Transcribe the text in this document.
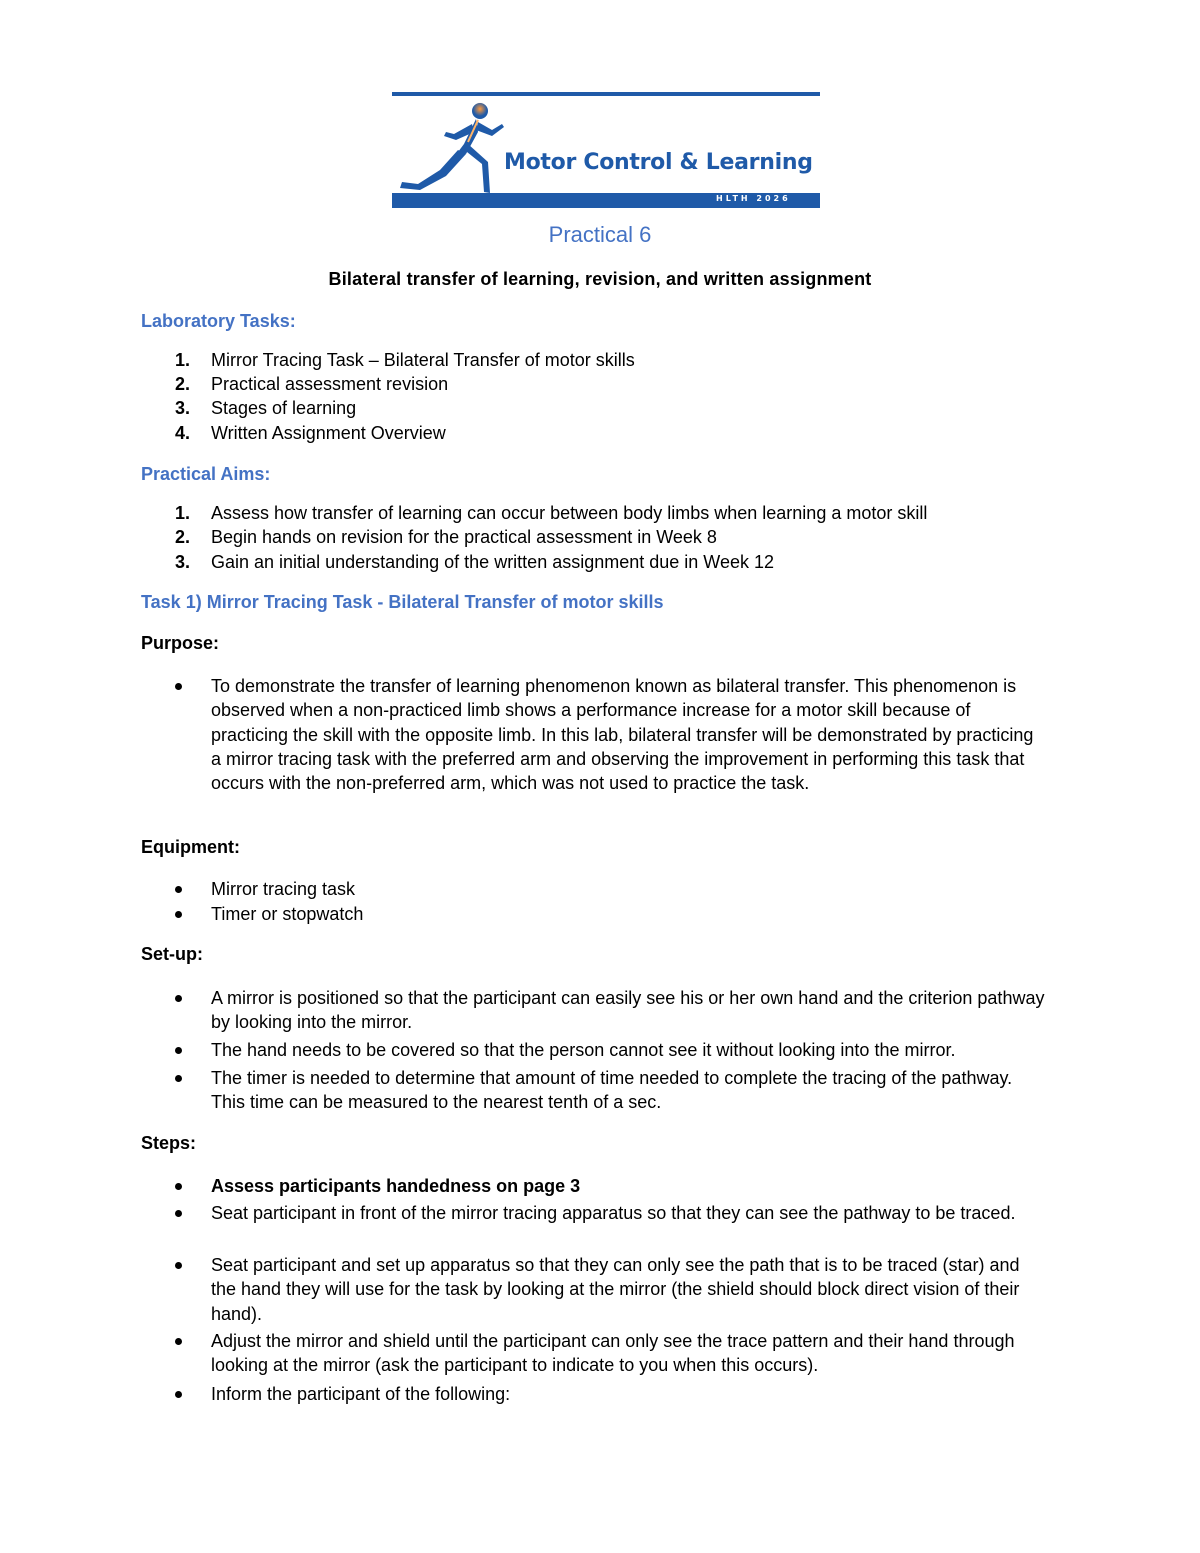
Motor Control & Learning
HLTH 2026
Practical 6
Bilateral transfer of learning, revision, and written assignment
Laboratory Tasks:
1. Mirror Tracing Task – Bilateral Transfer of motor skills
2. Practical assessment revision
3. Stages of learning
4. Written Assignment Overview
Practical Aims:
1. Assess how transfer of learning can occur between body limbs when learning a motor skill
2. Begin hands on revision for the practical assessment in Week 8
3. Gain an initial understanding of the written assignment due in Week 12
Task 1) Mirror Tracing Task - Bilateral Transfer of motor skills
Purpose:
To demonstrate the transfer of learning phenomenon known as bilateral transfer. This phenomenon is observed when a non-practiced limb shows a performance increase for a motor skill because of practicing the skill with the opposite limb. In this lab, bilateral transfer will be demonstrated by practicing a mirror tracing task with the preferred arm and observing the improvement in performing this task that occurs with the non-preferred arm, which was not used to practice the task.
Equipment:
Mirror tracing task
Timer or stopwatch
Set-up:
A mirror is positioned so that the participant can easily see his or her own hand and the criterion pathway by looking into the mirror.
The hand needs to be covered so that the person cannot see it without looking into the mirror.
The timer is needed to determine that amount of time needed to complete the tracing of the pathway. This time can be measured to the nearest tenth of a sec.
Steps:
Assess participants handedness on page 3
Seat participant in front of the mirror tracing apparatus so that they can see the pathway to be traced.
Seat participant and set up apparatus so that they can only see the path that is to be traced (star) and the hand they will use for the task by looking at the mirror (the shield should block direct vision of their hand).
Adjust the mirror and shield until the participant can only see the trace pattern and their hand through looking at the mirror (ask the participant to indicate to you when this occurs).
Inform the participant of the following:
